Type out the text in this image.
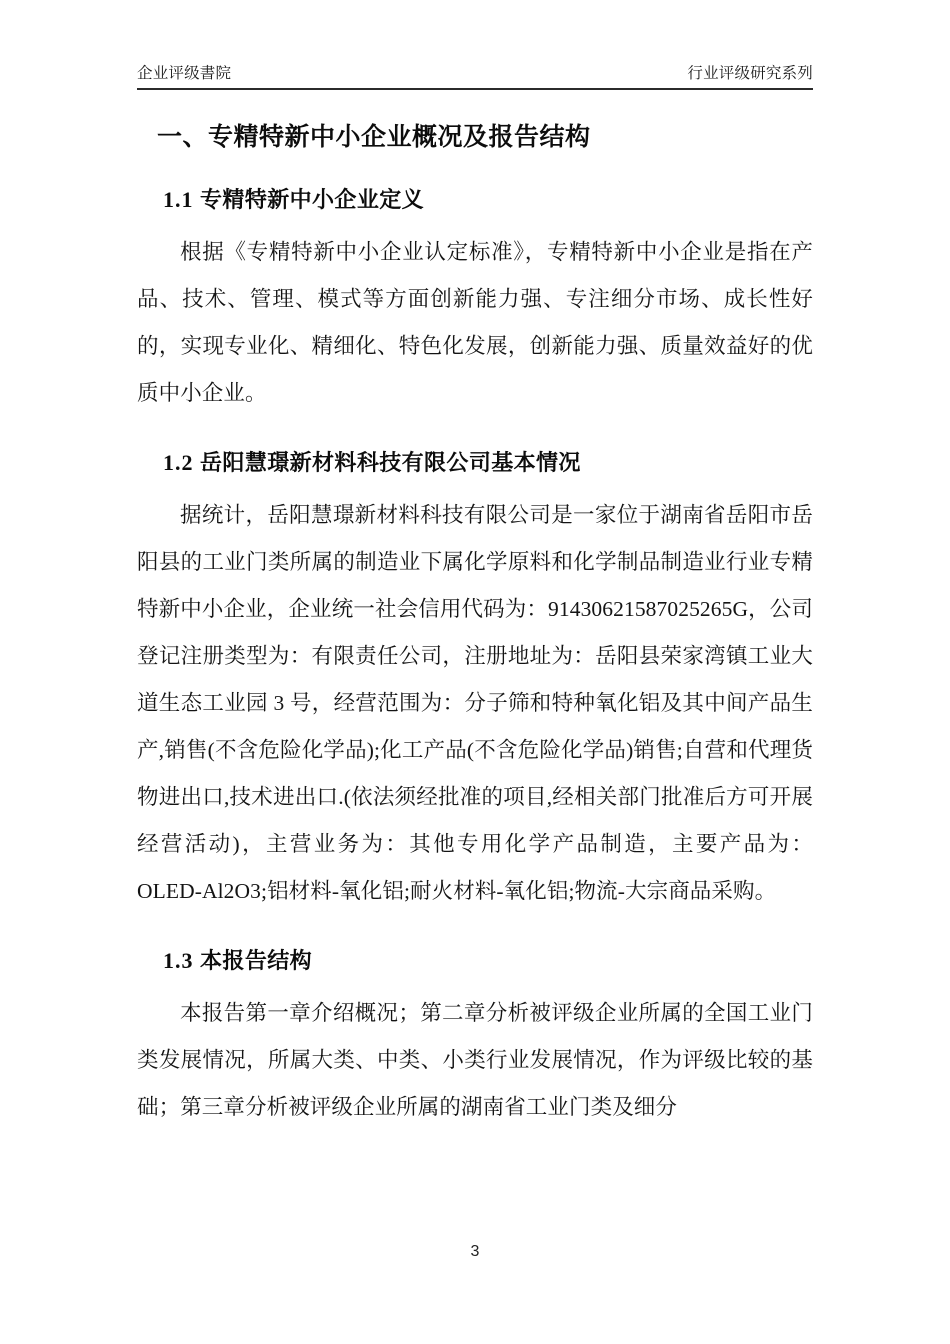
企业评级書院	行业评级研究系列
一、专精特新中小企业概况及报告结构
1.1 专精特新中小企业定义

根据《专精特新中小企业认定标准》，专精特新中小企业是指在产品、技术、管理、模式等方面创新能力强、专注细分市场、成长性好的，实现专业化、精细化、特色化发展，创新能力强、质量效益好的优质中小企业。

1.2 岳阳慧璟新材料科技有限公司基本情况

据统计，岳阳慧璟新材料科技有限公司是一家位于湖南省岳阳市岳阳县的工业门类所属的制造业下属化学原料和化学制品制造业行业专精特新中小企业，企业统一社会信用代码为：91430621587025265G，公司登记注册类型为：有限责任公司，注册地址为：岳阳县荣家湾镇工业大道生态工业园 3 号，经营范围为：分子筛和特种氧化铝及其中间产品生产,销售(不含危险化学品);化工产品(不含危险化学品)销售;自营和代理货物进出口,技术进出口.(依法须经批准的项目,经相关部门批准后方可开展经营活动)，主营业务为：其他专用化学产品制造，主要产品为：OLED-Al2O3;铝材料-氧化铝;耐火材料-氧化铝;物流-大宗商品采购。

1.3 本报告结构

本报告第一章介绍概况；第二章分析被评级企业所属的全国工业门类发展情况，所属大类、中类、小类行业发展情况，作为评级比较的基础；第三章分析被评级企业所属的湖南省工业门类及细分

3
